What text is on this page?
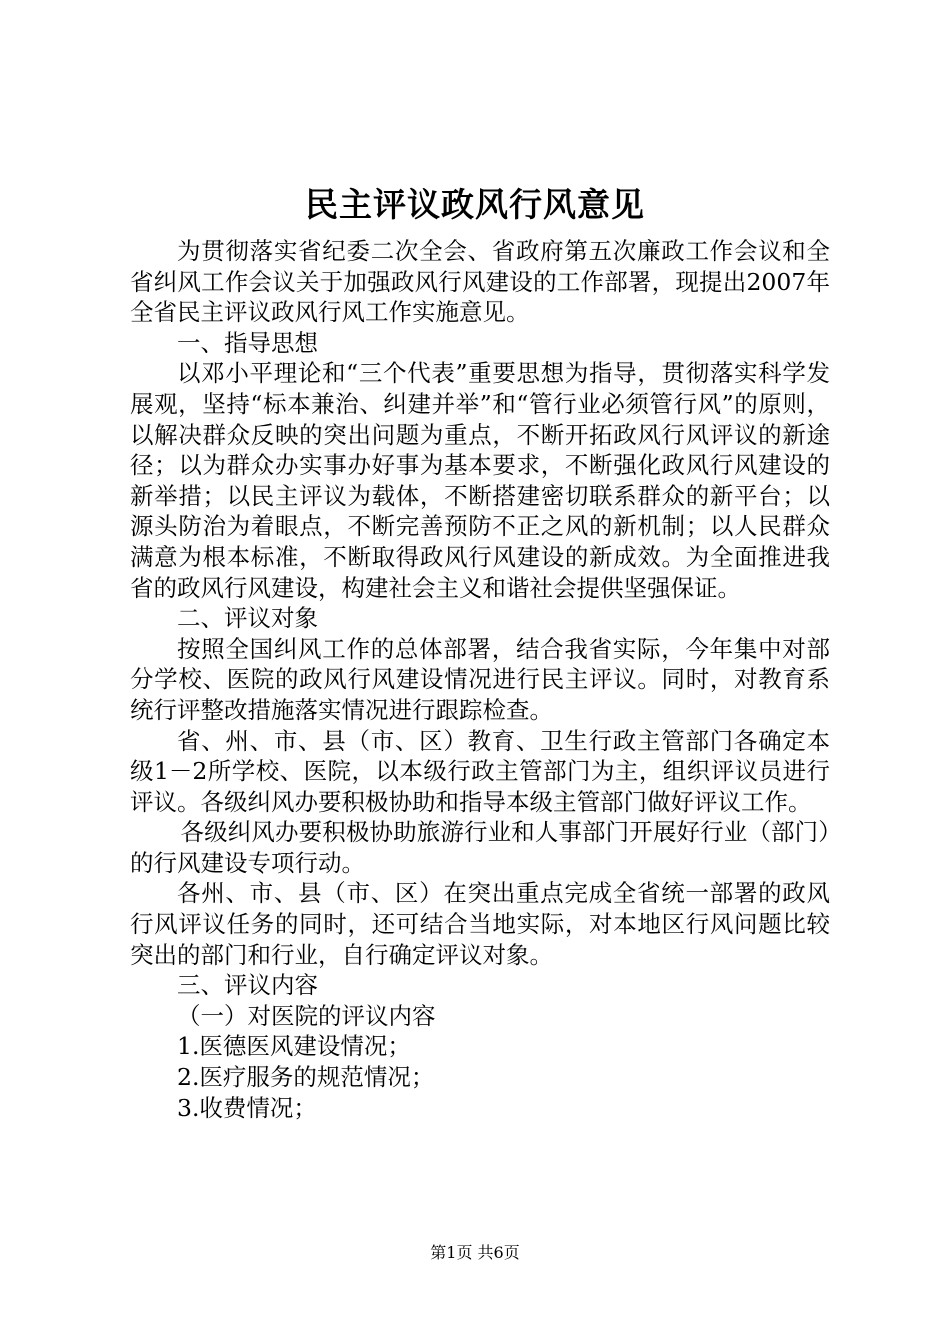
民主评议政风行风意见

为贯彻落实省纪委二次全会、省政府第五次廉政工作会议和全省纠风工作会议关于加强政风行风建设的工作部署，现提出2007年全省民主评议政风行风工作实施意见。

一、指导思想

以邓小平理论和“三个代表”重要思想为指导，贯彻落实科学发展观，坚持“标本兼治、纠建并举”和“管行业必须管行风”的原则，以解决群众反映的突出问题为重点，不断开拓政风行风评议的新途径；以为群众办实事办好事为基本要求，不断强化政风行风建设的新举措；以民主评议为载体，不断搭建密切联系群众的新平台；以源头防治为着眼点，不断完善预防不正之风的新机制；以人民群众满意为根本标准，不断取得政风行风建设的新成效。为全面推进我省的政风行风建设，构建社会主义和谐社会提供坚强保证。

二、评议对象

按照全国纠风工作的总体部署，结合我省实际，今年集中对部分学校、医院的政风行风建设情况进行民主评议。同时，对教育系统行评整改措施落实情况进行跟踪检查。

省、州、市、县（市、区）教育、卫生行政主管部门各确定本级1－2所学校、医院，以本级行政主管部门为主，组织评议员进行评议。各级纠风办要积极协助和指导本级主管部门做好评议工作。

各级纠风办要积极协助旅游行业和人事部门开展好行业（部门）的行风建设专项行动。

各州、市、县（市、区）在突出重点完成全省统一部署的政风行风评议任务的同时，还可结合当地实际，对本地区行风问题比较突出的部门和行业，自行确定评议对象。

三、评议内容

（一）对医院的评议内容

1.医德医风建设情况；

2.医疗服务的规范情况；

3.收费情况；

第1页 共6页
